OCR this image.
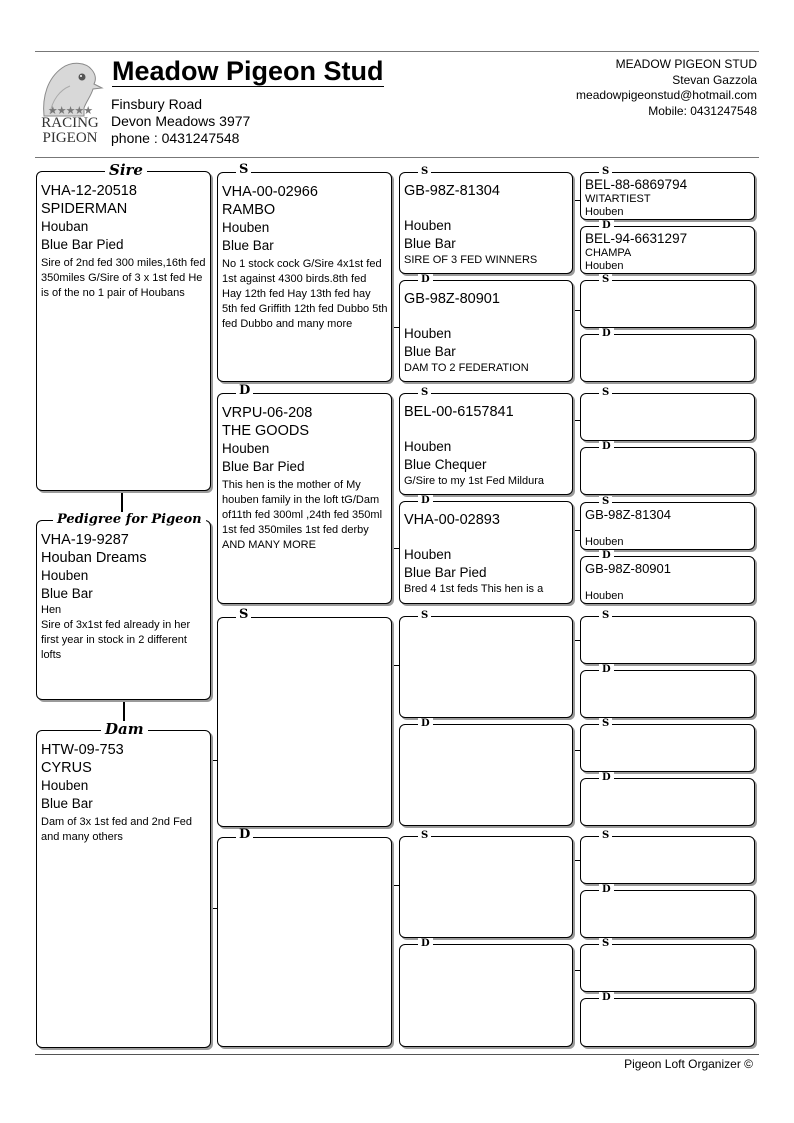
★★★★★
RACING
PIGEON
Meadow Pigeon Stud
Finsbury Road
Devon Meadows 3977
phone : 0431247548
MEADOW PIGEON STUD
Stevan Gazzola
meadowpigeonstud@hotmail.com
Mobile: 0431247548
Sire
VHA-12-20518
SPIDERMAN
Houban
Blue Bar Pied
Sire of 2nd fed 300 miles,16th fed 350miles G/Sire of 3 x 1st fed He is of the no 1 pair of Houbans
Pedigree for Pigeon
VHA-19-9287
Houban Dreams
Houben
Blue Bar
Hen
Sire of 3x1st fed already in her first year in stock in 2 different lofts
Dam
HTW-09-753
CYRUS
Houben
Blue Bar
Dam of 3x 1st fed and 2nd Fed and many others
S
VHA-00-02966
RAMBO
Houben
Blue Bar
No 1 stock cock G/Sire 4x1st fed 1st against 4300 birds.8th fed Hay 12th fed Hay 13th fed hay 5th fed Griffith 12th fed Dubbo 5th fed Dubbo and many more
D
VRPU-06-208
THE GOODS
Houben
Blue Bar Pied
This hen is the mother of My houben family in the loft tG/Dam of11th fed 300ml ,24th fed 350ml 1st fed 350miles 1st fed derby AND MANY MORE
S
D
S
GB-98Z-81304
Houben
Blue Bar
SIRE OF 3 FED WINNERS
D
GB-98Z-80901
Houben
Blue Bar
DAM TO 2 FEDERATION
S
BEL-00-6157841
Houben
Blue Chequer
G/Sire to my 1st Fed Mildura
D
VHA-00-02893
Houben
Blue Bar Pied
Bred 4 1st feds This hen is a
S
D
S
D
S
BEL-88-6869794
WITARTIEST
Houben
D
BEL-94-6631297
CHAMPA
Houben
S
D
S
D
S
GB-98Z-81304
Houben
D
GB-98Z-80901
Houben
S
D
S
D
S
D
S
D
Pigeon Loft Organizer ©
